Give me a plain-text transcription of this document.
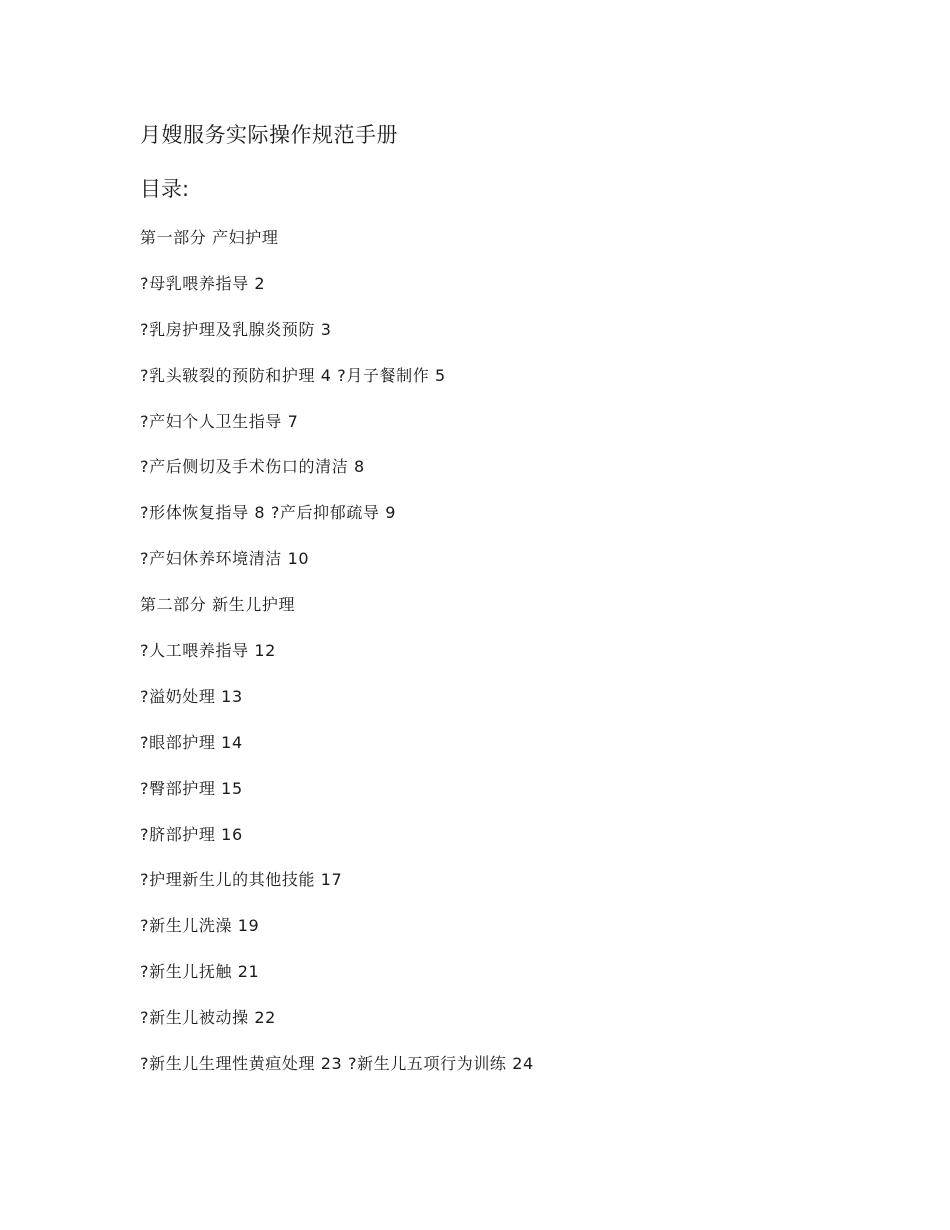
月嫂服务实际操作规范手册
目录:
第一部分 产妇护理
?母乳喂养指导 2
?乳房护理及乳腺炎预防 3
?乳头皲裂的预防和护理 4 ?月子餐制作 5
?产妇个人卫生指导 7
?产后侧切及手术伤口的清洁 8
?形体恢复指导 8 ?产后抑郁疏导 9
?产妇休养环境清洁 10
第二部分 新生儿护理
?人工喂养指导 12
?溢奶处理 13
?眼部护理 14
?臀部护理 15
?脐部护理 16
?护理新生儿的其他技能 17
?新生儿洗澡 19
?新生儿抚触 21
?新生儿被动操 22
?新生儿生理性黄疸处理 23 ?新生儿五项行为训练 24
